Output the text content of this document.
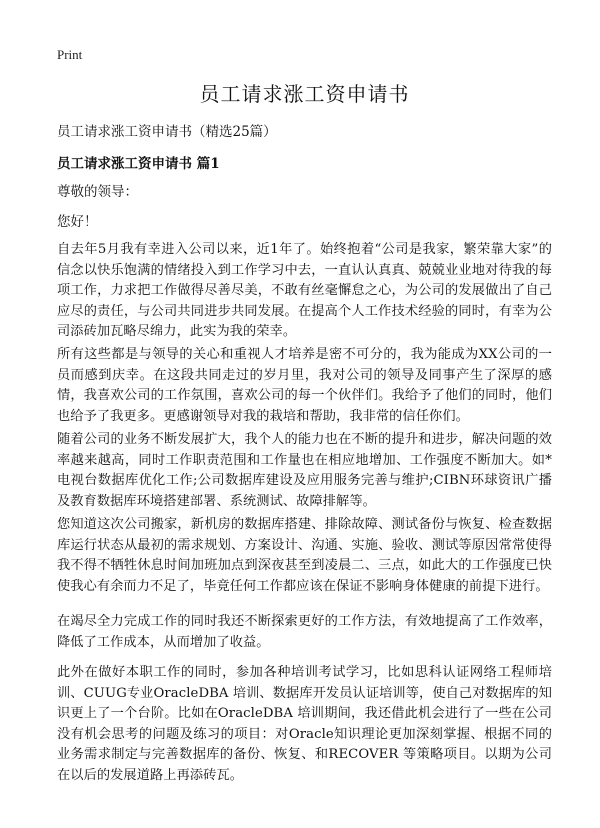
Print
员工请求涨工资申请书

员工请求涨工资申请书（精选25篇）

员工请求涨工资申请书 篇1

尊敬的领导：

您好！

自去年5月我有幸进入公司以来，近1年了。始终抱着“公司是我家，繁荣靠大家”的信念以快乐饱满的情绪投入到工作学习中去，一直认认真真、兢兢业业地对待我的每项工作，力求把工作做得尽善尽美，不敢有丝毫懈怠之心，为公司的发展做出了自己应尽的责任，与公司共同进步共同发展。在提高个人工作技术经验的同时，有幸为公司添砖加瓦略尽绵力，此实为我的荣幸。

所有这些都是与领导的关心和重视人才培养是密不可分的，我为能成为XX公司的一员而感到庆幸。在这段共同走过的岁月里，我对公司的领导及同事产生了深厚的感情，我喜欢公司的工作氛围，喜欢公司的每一个伙伴们。我给予了他们的同时，他们也给予了我更多。更感谢领导对我的栽培和帮助，我非常的信任你们。

随着公司的业务不断发展扩大，我个人的能力也在不断的提升和进步，解决问题的效率越来越高，同时工作职责范围和工作量也在相应地增加、工作强度不断加大。如*电视台数据库优化工作;公司数据库建设及应用服务完善与维护;CIBN环球资讯广播及教育数据库环境搭建部署、系统测试、故障排解等。

您知道这次公司搬家，新机房的数据库搭建、排除故障、测试备份与恢复、检查数据库运行状态从最初的需求规划、方案设计、沟通、实施、验收、测试等原因常常使得我不得不牺牲休息时间加班加点到深夜甚至到凌晨二、三点，如此大的工作强度已快使我心有余而力不足了，毕竟任何工作都应该在保证不影响身体健康的前提下进行。

在竭尽全力完成工作的同时我还不断探索更好的工作方法，有效地提高了工作效率，降低了工作成本，从而增加了收益。

此外在做好本职工作的同时，参加各种培训考试学习，比如思科认证网络工程师培训、CUUG专业OracleDBA 培训、数据库开发员认证培训等，使自己对数据库的知识更上了一个台阶。比如在OracleDBA 培训期间，我还借此机会进行了一些在公司没有机会思考的问题及练习的项目：对Oracle知识理论更加深刻掌握、根据不同的业务需求制定与完善数据库的备份、恢复、和RECOVER 等策略项目。以期为公司在以后的发展道路上再添砖瓦。
